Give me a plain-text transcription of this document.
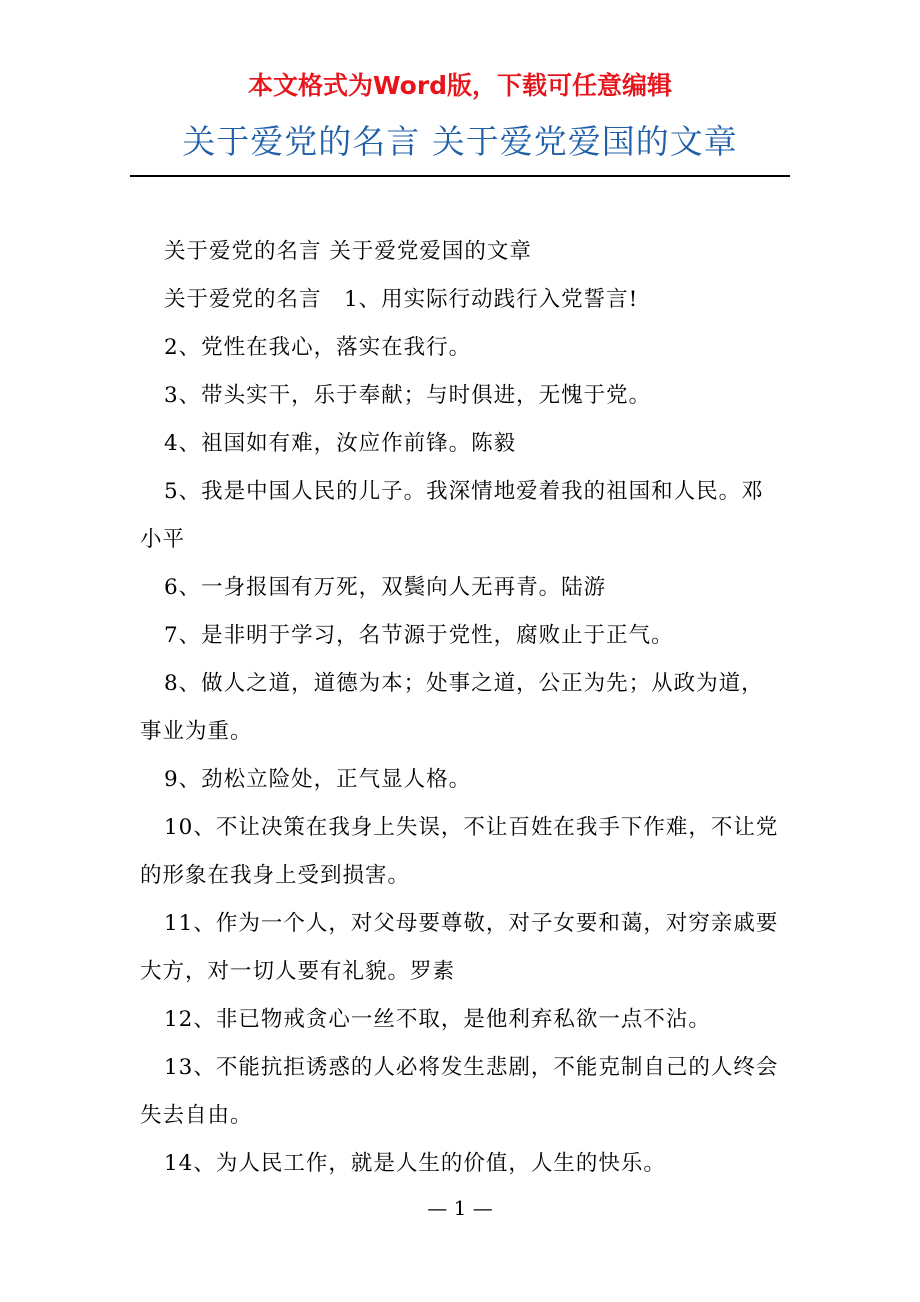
本文格式为Word版，下载可任意编辑
关于爱党的名言 关于爱党爱国的文章

关于爱党的名言 关于爱党爱国的文章

关于爱党的名言　1、用实际行动践行入党誓言!

2、党性在我心，落实在我行。

3、带头实干，乐于奉献；与时俱进，无愧于党。

4、祖国如有难，汝应作前锋。陈毅

5、我是中国人民的儿子。我深情地爱着我的祖国和人民。邓小平

6、一身报国有万死，双鬓向人无再青。陆游

7、是非明于学习，名节源于党性，腐败止于正气。

8、做人之道，道德为本；处事之道，公正为先；从政为道，事业为重。

9、劲松立险处，正气显人格。

10、不让决策在我身上失误，不让百姓在我手下作难，不让党的形象在我身上受到损害。

11、作为一个人，对父母要尊敬，对子女要和蔼，对穷亲戚要大方，对一切人要有礼貌。罗素

12、非已物戒贪心一丝不取，是他利弃私欲一点不沾。

13、不能抗拒诱惑的人必将发生悲剧，不能克制自己的人终会失去自由。

14、为人民工作，就是人生的价值，人生的快乐。

— 1 —
